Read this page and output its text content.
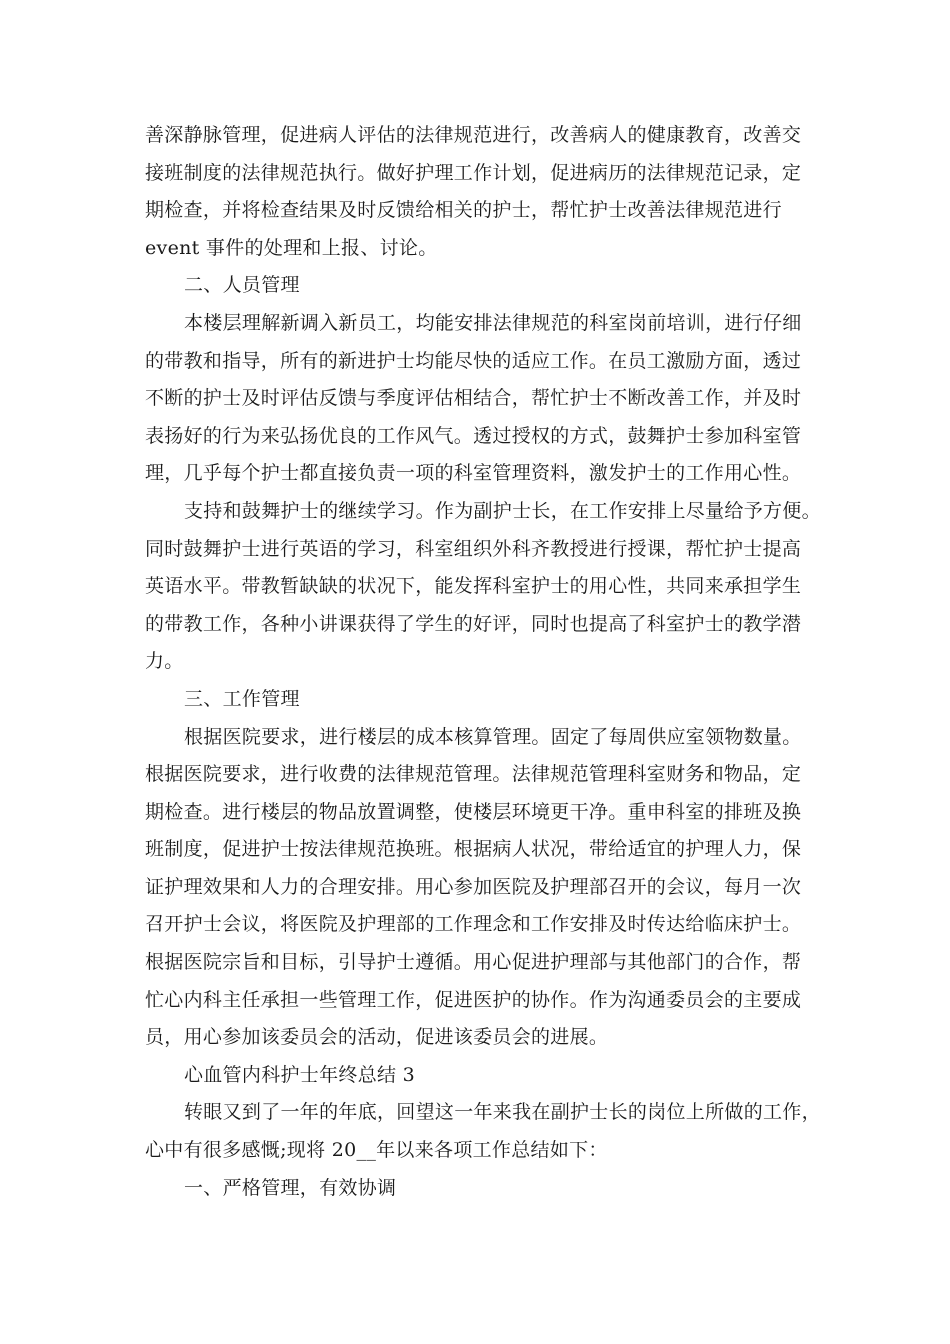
善深静脉管理，促进病人评估的法律规范进行，改善病人的健康教育，改善交
接班制度的法律规范执行。做好护理工作计划，促进病历的法律规范记录，定
期检查，并将检查结果及时反馈给相关的护士，帮忙护士改善法律规范进行
event 事件的处理和上报、讨论。
二、人员管理
本楼层理解新调入新员工，均能安排法律规范的科室岗前培训，进行仔细
的带教和指导，所有的新进护士均能尽快的适应工作。在员工激励方面，透过
不断的护士及时评估反馈与季度评估相结合，帮忙护士不断改善工作，并及时
表扬好的行为来弘扬优良的工作风气。透过授权的方式，鼓舞护士参加科室管
理，几乎每个护士都直接负责一项的科室管理资料，激发护士的工作用心性。
支持和鼓舞护士的继续学习。作为副护士长，在工作安排上尽量给予方便。
同时鼓舞护士进行英语的学习，科室组织外科齐教授进行授课，帮忙护士提高
英语水平。带教暂缺缺的状况下，能发挥科室护士的用心性，共同来承担学生
的带教工作，各种小讲课获得了学生的好评，同时也提高了科室护士的教学潜
力。
三、工作管理
根据医院要求，进行楼层的成本核算管理。固定了每周供应室领物数量。
根据医院要求，进行收费的法律规范管理。法律规范管理科室财务和物品，定
期检查。进行楼层的物品放置调整，使楼层环境更干净。重申科室的排班及换
班制度，促进护士按法律规范换班。根据病人状况，带给适宜的护理人力，保
证护理效果和人力的合理安排。用心参加医院及护理部召开的会议，每月一次
召开护士会议，将医院及护理部的工作理念和工作安排及时传达给临床护士。
根据医院宗旨和目标，引导护士遵循。用心促进护理部与其他部门的合作，帮
忙心内科主任承担一些管理工作，促进医护的协作。作为沟通委员会的主要成
员，用心参加该委员会的活动，促进该委员会的进展。
心血管内科护士年终总结 3
转眼又到了一年的年底，回望这一年来我在副护士长的岗位上所做的工作，
心中有很多感慨;现将 20__年以来各项工作总结如下：
一、严格管理，有效协调
